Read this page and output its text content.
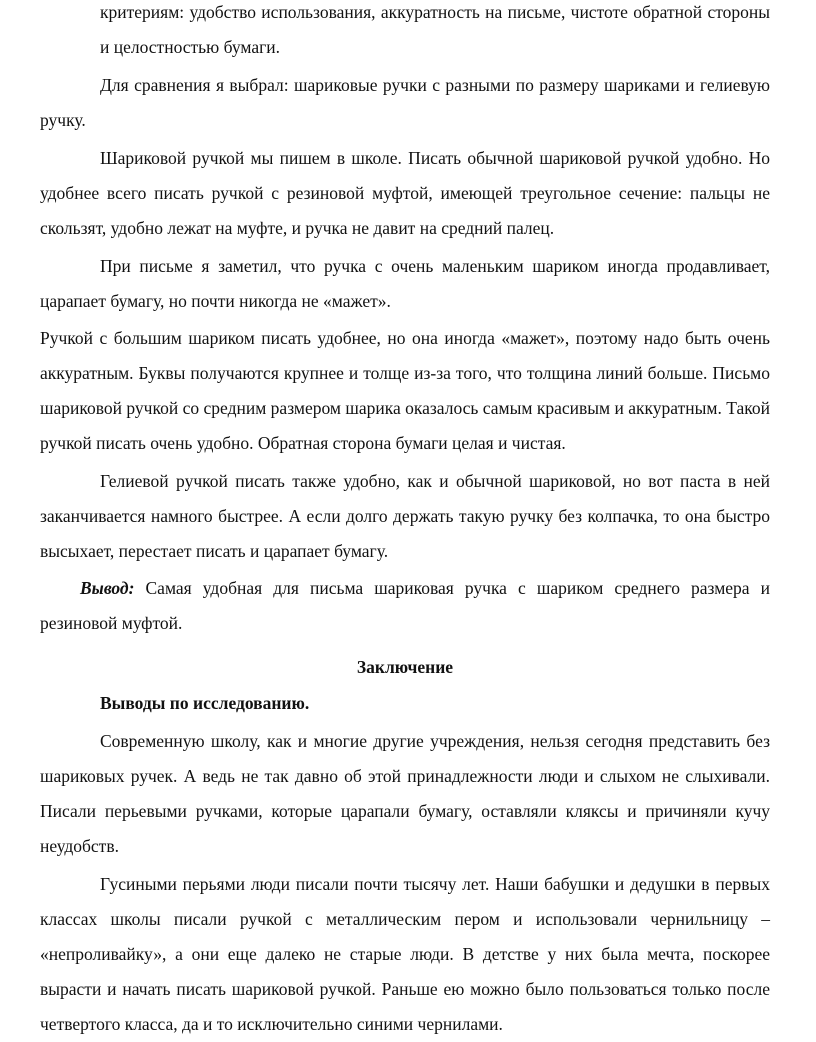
критериям: удобство использования, аккуратность на письме, чистоте обратной стороны и целостностью бумаги.

Для сравнения я выбрал: шариковые ручки с разными по размеру шариками и гелиевую ручку.

Шариковой ручкой мы пишем в школе. Писать обычной шариковой ручкой удобно. Но удобнее всего писать ручкой с резиновой муфтой, имеющей треугольное сечение: пальцы не скользят, удобно лежат на муфте, и ручка не давит на средний палец.

При письме я заметил, что ручка с очень маленьким шариком иногда продавливает, царапает бумагу, но почти никогда не «мажет».

Ручкой с большим шариком писать удобнее, но она иногда «мажет», поэтому надо быть очень аккуратным. Буквы получаются крупнее и толще из-за того, что толщина линий больше. Письмо шариковой ручкой со средним размером шарика оказалось самым красивым и аккуратным. Такой ручкой писать очень удобно. Обратная сторона бумаги целая и чистая.

Гелиевой ручкой писать также удобно, как и обычной шариковой, но вот паста в ней заканчивается намного быстрее. А если долго держать такую ручку без колпачка, то она быстро высыхает, перестает писать и царапает бумагу.

Вывод: Самая удобная для письма шариковая ручка с шариком среднего размера и резиновой муфтой.

Заключение

Выводы по исследованию.

Современную школу, как и многие другие учреждения, нельзя сегодня представить без шариковых ручек. А ведь не так давно об этой принадлежности люди и слыхом не слыхивали. Писали перьевыми ручками, которые царапали бумагу, оставляли кляксы и причиняли кучу неудобств.

Гусиными перьями люди писали почти тысячу лет. Наши бабушки и дедушки в первых классах школы писали ручкой с металлическим пером и использовали чернильницу – «непроливайку», а они еще далеко не старые люди. В детстве у них была мечта, поскорее вырасти и начать писать шариковой ручкой. Раньше ею можно было пользоваться только после четвертого класса, да и то исключительно синими чернилами.
